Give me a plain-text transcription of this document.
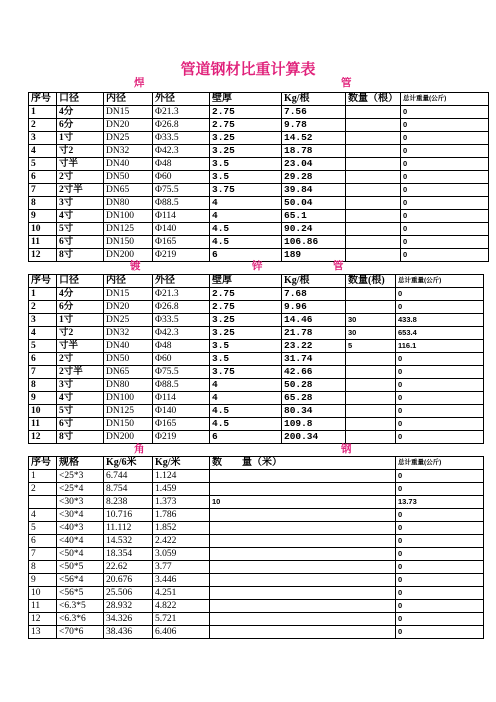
管道钢材比重计算表
焊	管
序号	口径	内径	外径	壁厚	Kg/根	数量（根）	总计重量(公斤)
1	4分	DN15	Φ21.3	2.75	7.56		0
2	6分	DN20	Φ26.8	2.75	9.78		0
3	1寸	DN25	Φ33.5	3.25	14.52		0
4	寸2	DN32	Φ42.3	3.25	18.78		0
5	寸半	DN40	Φ48	3.5	23.04		0
6	2寸	DN50	Φ60	3.5	29.28		0
7	2寸半	DN65	Φ75.5	3.75	39.84		0
8	3寸	DN80	Φ88.5	4	50.04		0
9	4寸	DN100	Φ114	4	65.1		0
10	5寸	DN125	Φ140	4.5	90.24		0
11	6寸	DN150	Φ165	4.5	106.86		0
12	8寸	DN200	Φ219	6	189		0
镀	锌	管
序号	口径	内径	外径	壁厚	Kg/根	数量(根)	总计重量(公斤)
1	4分	DN15	Φ21.3	2.75	7.68		0
2	6分	DN20	Φ26.8	2.75	9.96		0
3	1寸	DN25	Φ33.5	3.25	14.46	30	433.8
4	寸2	DN32	Φ42.3	3.25	21.78	30	653.4
5	寸半	DN40	Φ48	3.5	23.22	5	116.1
6	2寸	DN50	Φ60	3.5	31.74		0
7	2寸半	DN65	Φ75.5	3.75	42.66		0
8	3寸	DN80	Φ88.5	4	50.28		0
9	4寸	DN100	Φ114	4	65.28		0
10	5寸	DN125	Φ140	4.5	80.34		0
11	6寸	DN150	Φ165	4.5	109.8		0
12	8寸	DN200	Φ219	6	200.34		0
角	钢
序号	规格	Kg/6米	Kg/米	数　　量（米）	总计重量(公斤)
1	<25*3	6.744	1.124		0
2	<25*4	8.754	1.459		0
	<30*3	8.238	1.373	10	13.73
4	<30*4	10.716	1.786		0
5	<40*3	11.112	1.852		0
6	<40*4	14.532	2.422		0
7	<50*4	18.354	3.059		0
8	<50*5	22.62	3.77		0
9	<56*4	20.676	3.446		0
10	<56*5	25.506	4.251		0
11	<6.3*5	28.932	4.822		0
12	<6.3*6	34.326	5.721		0
13	<70*6	38.436	6.406		0
